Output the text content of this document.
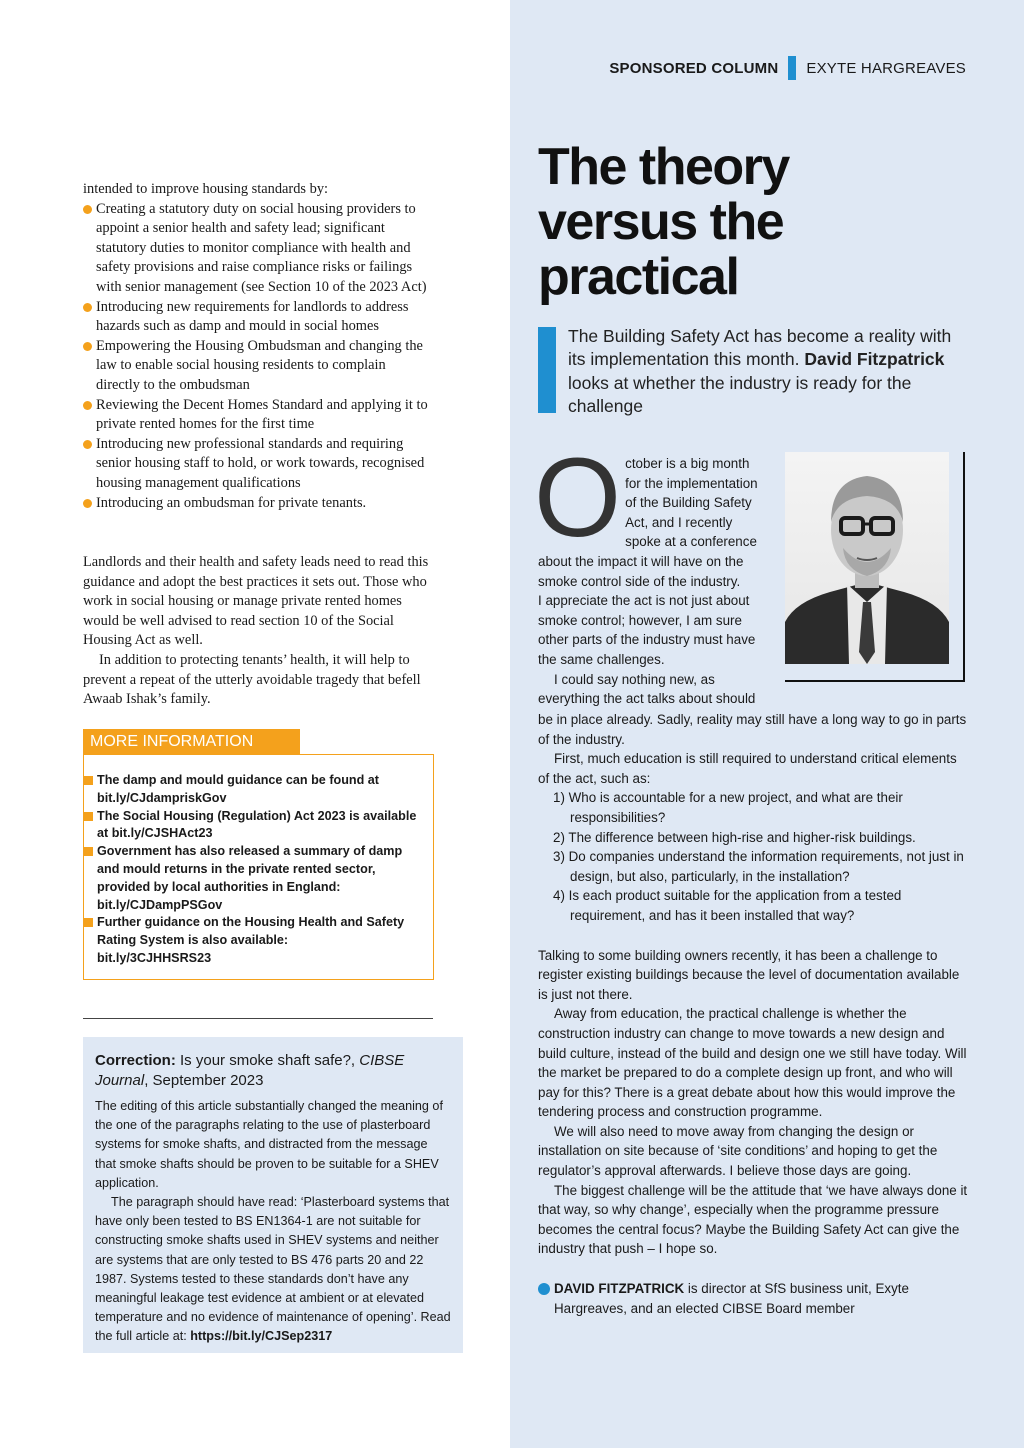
SPONSORED COLUMN EXYTE HARGREAVES
intended to improve housing standards by:
Creating a statutory duty on social housing providers to appoint a senior health and safety lead; significant statutory duties to monitor compliance with health and safety provisions and raise compliance risks or failings with senior management (see Section 10 of the 2023 Act)
Introducing new requirements for landlords to address hazards such as damp and mould in social homes
Empowering the Housing Ombudsman and changing the law to enable social housing residents to complain directly to the ombudsman
Reviewing the Decent Homes Standard and applying it to private rented homes for the first time
Introducing new professional standards and requiring senior housing staff to hold, or work towards, recognised housing management qualifications
Introducing an ombudsman for private tenants.

Landlords and their health and safety leads need to read this guidance and adopt the best practices it sets out. Those who work in social housing or manage private rented homes would be well advised to read section 10 of the Social Housing Act as well.

In addition to protecting tenants’ health, it will help to prevent a repeat of the utterly avoidable tragedy that befell Awaab Ishak’s family.

MORE INFORMATION
The damp and mould guidance can be found at bit.ly/CJdampriskGov
The Social Housing (Regulation) Act 2023 is available at bit.ly/CJSHAct23
Government has also released a summary of damp and mould returns in the private rented sector, provided by local authorities in England:
bit.ly/CJDampPSGov
Further guidance on the Housing Health and Safety Rating System is also available:
bit.ly/3CJHHSRS23
Correction: Is your smoke shaft safe?, CIBSE Journal, September 2023

The editing of this article substantially changed the meaning of the one of the paragraphs relating to the use of plasterboard systems for smoke shafts, and distracted from the message that smoke shafts should be proven to be suitable for a SHEV application.

The paragraph should have read: ‘Plasterboard systems that have only been tested to BS EN1364-1 are not suitable for constructing smoke shafts used in SHEV systems and neither are systems that are only tested to BS 476 parts 20 and 22 1987. Systems tested to these standards don’t have any meaningful leakage test evidence at ambient or at elevated temperature and no evidence of maintenance of opening’. Read the full article at: https://bit.ly/CJSep2317

The theory versus the practical
The Building Safety Act has become a reality with its implementation this month. David Fitzpatrick looks at whether the industry is ready for the challenge
O ctober is a big month for the implementation of the Building Safety Act, and I recently spoke at a conference about the impact it will have on the smoke control side of the industry.

I appreciate the act is not just about smoke control; however, I am sure other parts of the industry must have the same challenges.

I could say nothing new, as everything the act talks about should

be in place already. Sadly, reality may still have a long way to go in parts of the industry.

First, much education is still required to understand critical elements of the act, such as:

1) Who is accountable for a new project, and what are their responsibilities?
2) The difference between high-rise and higher-risk buildings.
3) Do companies understand the information requirements, not just in design, but also, particularly, in the installation?
4) Is each product suitable for the application from a tested requirement, and has it been installed that way?

Talking to some building owners recently, it has been a challenge to register existing buildings because the level of documentation available is just not there.

Away from education, the practical challenge is whether the construction industry can change to move towards a new design and build culture, instead of the build and design one we still have today. Will the market be prepared to do a complete design up front, and who will pay for this? There is a great debate about how this would improve the tendering process and construction programme.

We will also need to move away from changing the design or installation on site because of ‘site conditions’ and hoping to get the regulator’s approval afterwards. I believe those days are going.

The biggest challenge will be the attitude that ‘we have always done it that way, so why change’, especially when the programme pressure becomes the central focus? Maybe the Building Safety Act can give the industry that push – I hope so.

DAVID FITZPATRICK is director at SfS business unit, Exyte Hargreaves, and an elected CIBSE Board member
